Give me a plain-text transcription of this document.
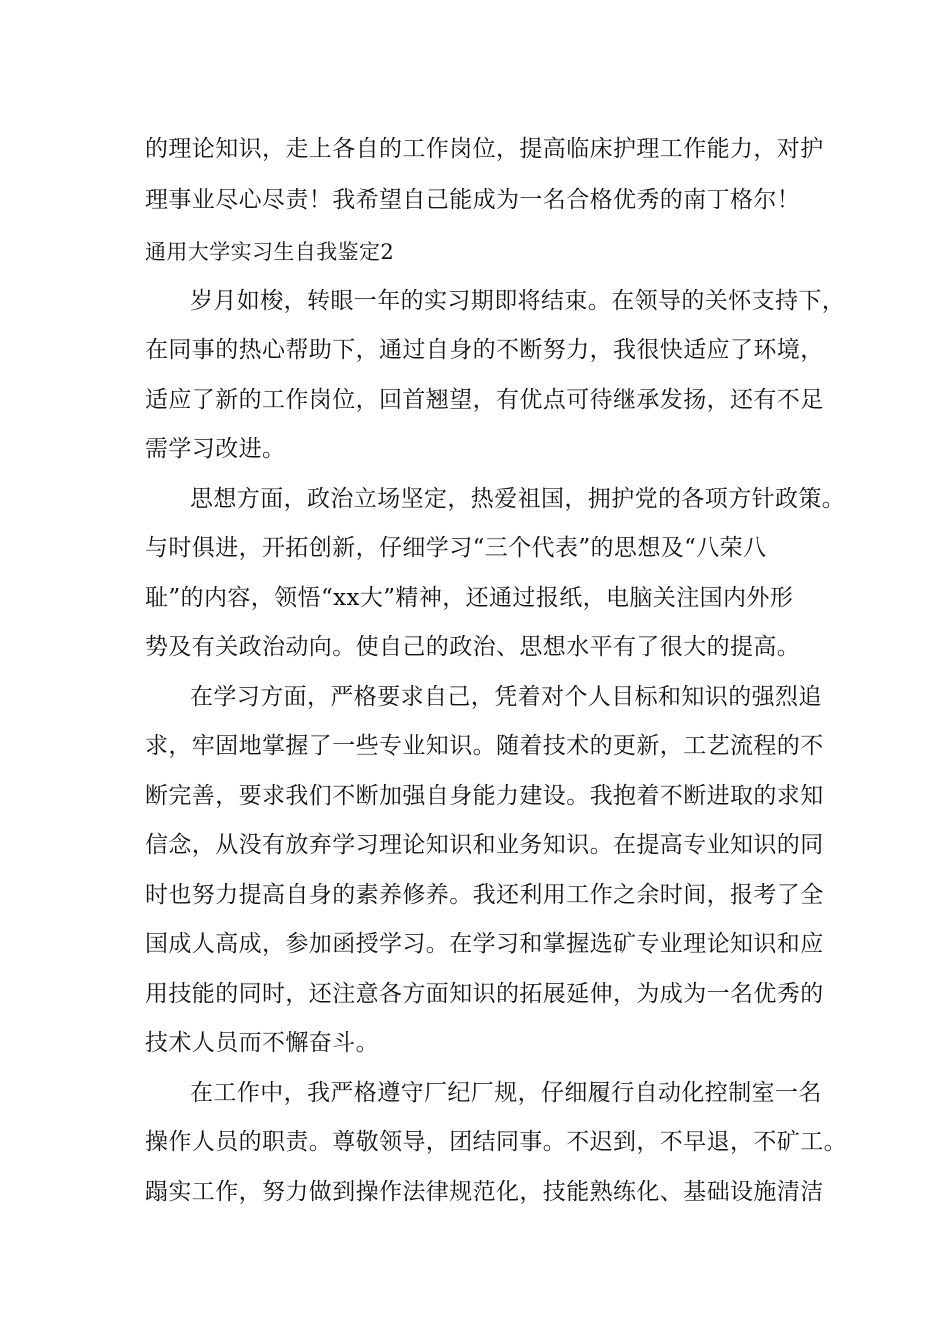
的理论知识，走上各自的工作岗位，提高临床护理工作能力，对护
理事业尽心尽责！我希望自己能成为一名合格优秀的南丁格尔！
通用大学实习生自我鉴定2
岁月如梭，转眼一年的实习期即将结束。在领导的关怀支持下，
在同事的热心帮助下，通过自身的不断努力，我很快适应了环境，
适应了新的工作岗位，回首翘望，有优点可待继承发扬，还有不足
需学习改进。
思想方面，政治立场坚定，热爱祖国，拥护党的各项方针政策。
与时俱进，开拓创新，仔细学习“三个代表”的思想及“八荣八
耻”的内容，领悟“xx大”精神，还通过报纸，电脑关注国内外形
势及有关政治动向。使自己的政治、思想水平有了很大的提高。
在学习方面，严格要求自己，凭着对个人目标和知识的强烈追
求，牢固地掌握了一些专业知识。随着技术的更新，工艺流程的不
断完善，要求我们不断加强自身能力建设。我抱着不断进取的求知
信念，从没有放弃学习理论知识和业务知识。在提高专业知识的同
时也努力提高自身的素养修养。我还利用工作之余时间，报考了全
国成人高成，参加函授学习。在学习和掌握选矿专业理论知识和应
用技能的同时，还注意各方面知识的拓展延伸，为成为一名优秀的
技术人员而不懈奋斗。
在工作中，我严格遵守厂纪厂规，仔细履行自动化控制室一名
操作人员的职责。尊敬领导，团结同事。不迟到，不早退，不矿工。
蹋实工作，努力做到操作法律规范化，技能熟练化、基础设施清洁
